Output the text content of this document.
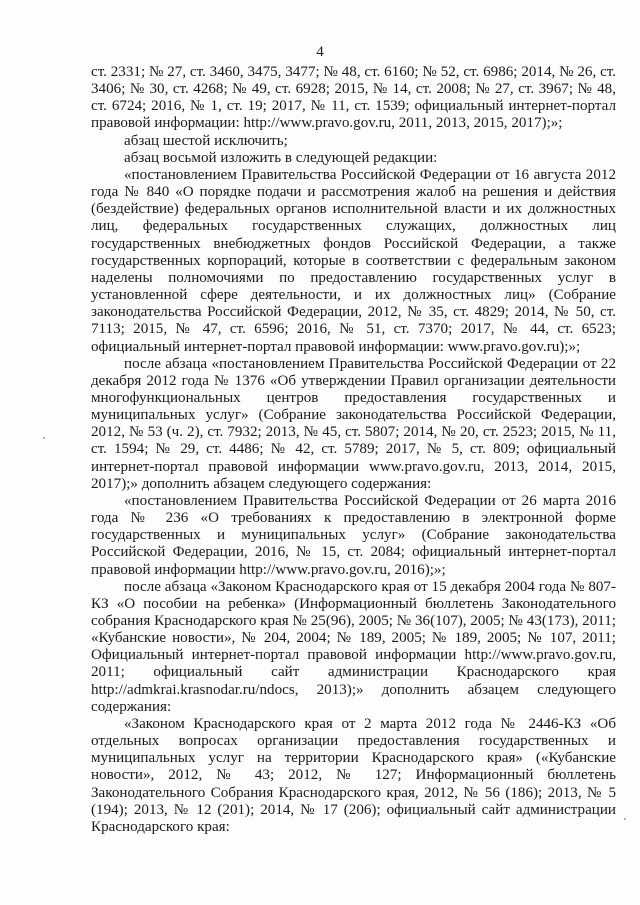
4

ст. 2331; № 27, ст. 3460, 3475, 3477; № 48, ст. 6160; № 52, ст. 6986; 2014, № 26, ст. 3406; № 30, ст. 4268; № 49, ст. 6928; 2015, № 14, ст. 2008; № 27, ст. 3967; № 48, ст. 6724; 2016, № 1, ст. 19; 2017, № 11, ст. 1539; официальный интернет-портал правовой информации: http://www.pravo.gov.ru, 2011, 2013, 2015, 2017);»;

абзац шестой исключить;

абзац восьмой изложить в следующей редакции:

«постановлением Правительства Российской Федерации от 16 августа 2012 года № 840 «О порядке подачи и рассмотрения жалоб на решения и действия (бездействие) федеральных органов исполнительной власти и их должностных лиц, федеральных государственных служащих, должностных лиц государственных внебюджетных фондов Российской Федерации, а также государственных корпораций, которые в соответствии с федеральным законом наделены полномочиями по предоставлению государственных услуг в установленной сфере деятельности, и их должностных лиц» (Собрание законодательства Российской Федерации, 2012, № 35, ст. 4829; 2014, № 50, ст. 7113; 2015, № 47, ст. 6596; 2016, № 51, ст. 7370; 2017, № 44, ст. 6523; официальный интернет-портал правовой информации: www.pravo.gov.ru);»;

после абзаца «постановлением Правительства Российской Федерации от 22 декабря 2012 года № 1376 «Об утверждении Правил организации деятельности многофункциональных центров предоставления государственных и муниципальных услуг» (Собрание законодательства Российской Федерации, 2012, № 53 (ч. 2), ст. 7932; 2013, № 45, ст. 5807; 2014, № 20, ст. 2523; 2015, № 11, ст. 1594; № 29, ст. 4486; № 42, ст. 5789; 2017, № 5, ст. 809; официальный интернет-портал правовой информации www.pravo.gov.ru, 2013, 2014, 2015, 2017);» дополнить абзацем следующего содержания:

«постановлением Правительства Российской Федерации от 26 марта 2016 года № 236 «О требованиях к предоставлению в электронной форме государственных и муниципальных услуг» (Собрание законодательства Российской Федерации, 2016, № 15, ст. 2084; официальный интернет-портал правовой информации http://www.pravo.gov.ru, 2016);»;

после абзаца «Законом Краснодарского края от 15 декабря 2004 года № 807-КЗ «О пособии на ребенка» (Информационный бюллетень Законодательного собрания Краснодарского края № 25(96), 2005; № 36(107), 2005; № 43(173), 2011; «Кубанские новости», № 204, 2004; № 189, 2005; № 189, 2005; № 107, 2011; Официальный интернет-портал правовой информации http://www.pravo.gov.ru, 2011; официальный сайт администрации Краснодарского края http://admkrai.krasnodar.ru/ndocs, 2013);» дополнить абзацем следующего содержания:

«Законом Краснодарского края от 2 марта 2012 года № 2446-КЗ «Об отдельных вопросах организации предоставления государственных и муниципальных услуг на территории Краснодарского края» («Кубанские новости», 2012, № 43; 2012, № 127; Информационный бюллетень Законодательного Собрания Краснодарского края, 2012, № 56 (186); 2013, № 5 (194); 2013, № 12 (201); 2014, № 17 (206); официальный сайт администрации Краснодарского края:
